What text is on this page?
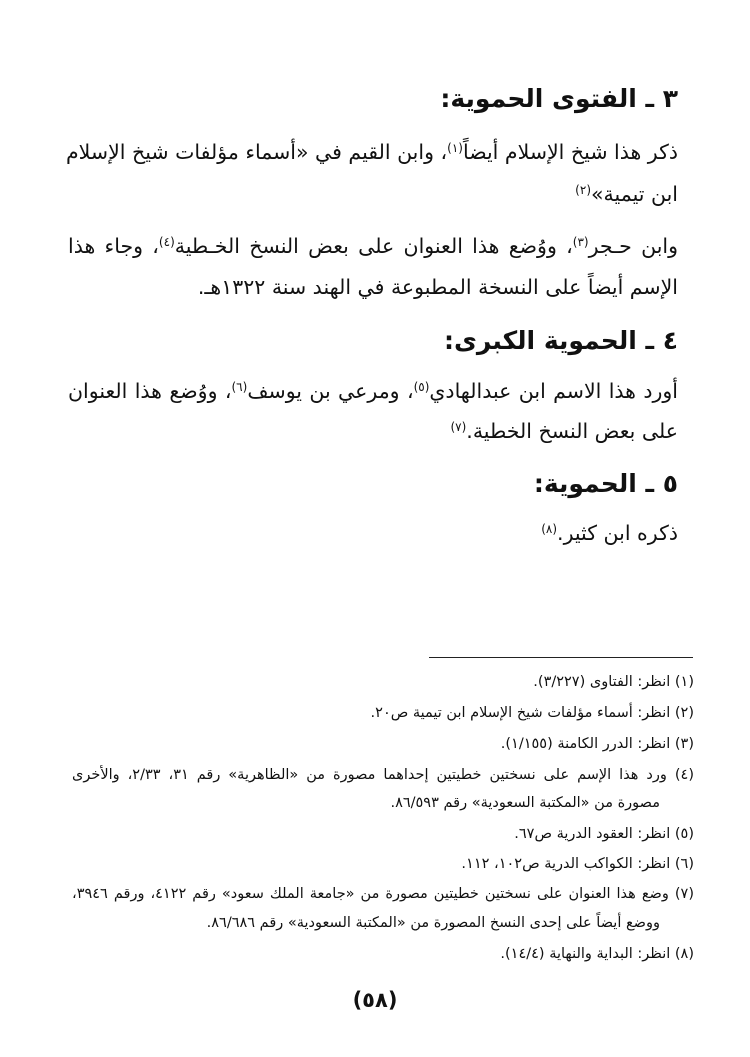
٣ ـ الفتوى الحموية:
ذكر هذا شيخ الإسلام أيضاً$^{(١)}$، وابن القيم في «أسماء مؤلفات شيخ الإسلام
ابن تيمية»$^{(٢)}$
وابن حـجر$^{(٣)}$، ووُضع هذا العنوان على بعض النسخ الخـطية$^{(٤)}$، وجاء هذا
الإسم أيضاً على النسخة المطبوعة في الهند سنة ١٣٢٢هـ.
٤ ـ الحموية الكبرى:
أورد هذا الاسم ابن عبدالهادي$^{(٥)}$، ومرعي بن يوسف$^{(٦)}$، ووُضع هذا العنوان
على بعض النسخ الخطية.$^{(٧)}$
٥ ـ الحموية:
ذكره ابن كثير.$^{(٨)}$
(١) انظر: الفتاوى (٣/٢٢٧).
(٢) انظر: أسماء مؤلفات شيخ الإسلام ابن تيمية ص٢٠.
(٣) انظر: الدرر الكامنة (١/١٥٥).
(٤) ورد هذا الإسم على نسختين خطيتين إحداهما مصورة من «الظاهرية» رقم ٣١، ٢/٣٣، والأخرى
مصورة من «المكتبة السعودية» رقم ٨٦/٥٩٣.
(٥) انظر: العقود الدرية ص٦٧.
(٦) انظر: الكواكب الدرية ص١٠٢، ١١٢.
(٧) وضع هذا العنوان على نسختين خطيتين مصورة من «جامعة الملك سعود» رقم ٤١٢٢، ورقم ٣٩٤٦،
ووضع أيضاً على إحدى النسخ المصورة من «المكتبة السعودية» رقم ٨٦/٦٨٦.
(٨) انظر: البداية والنهاية (١٤/٤).
(٥٨)
